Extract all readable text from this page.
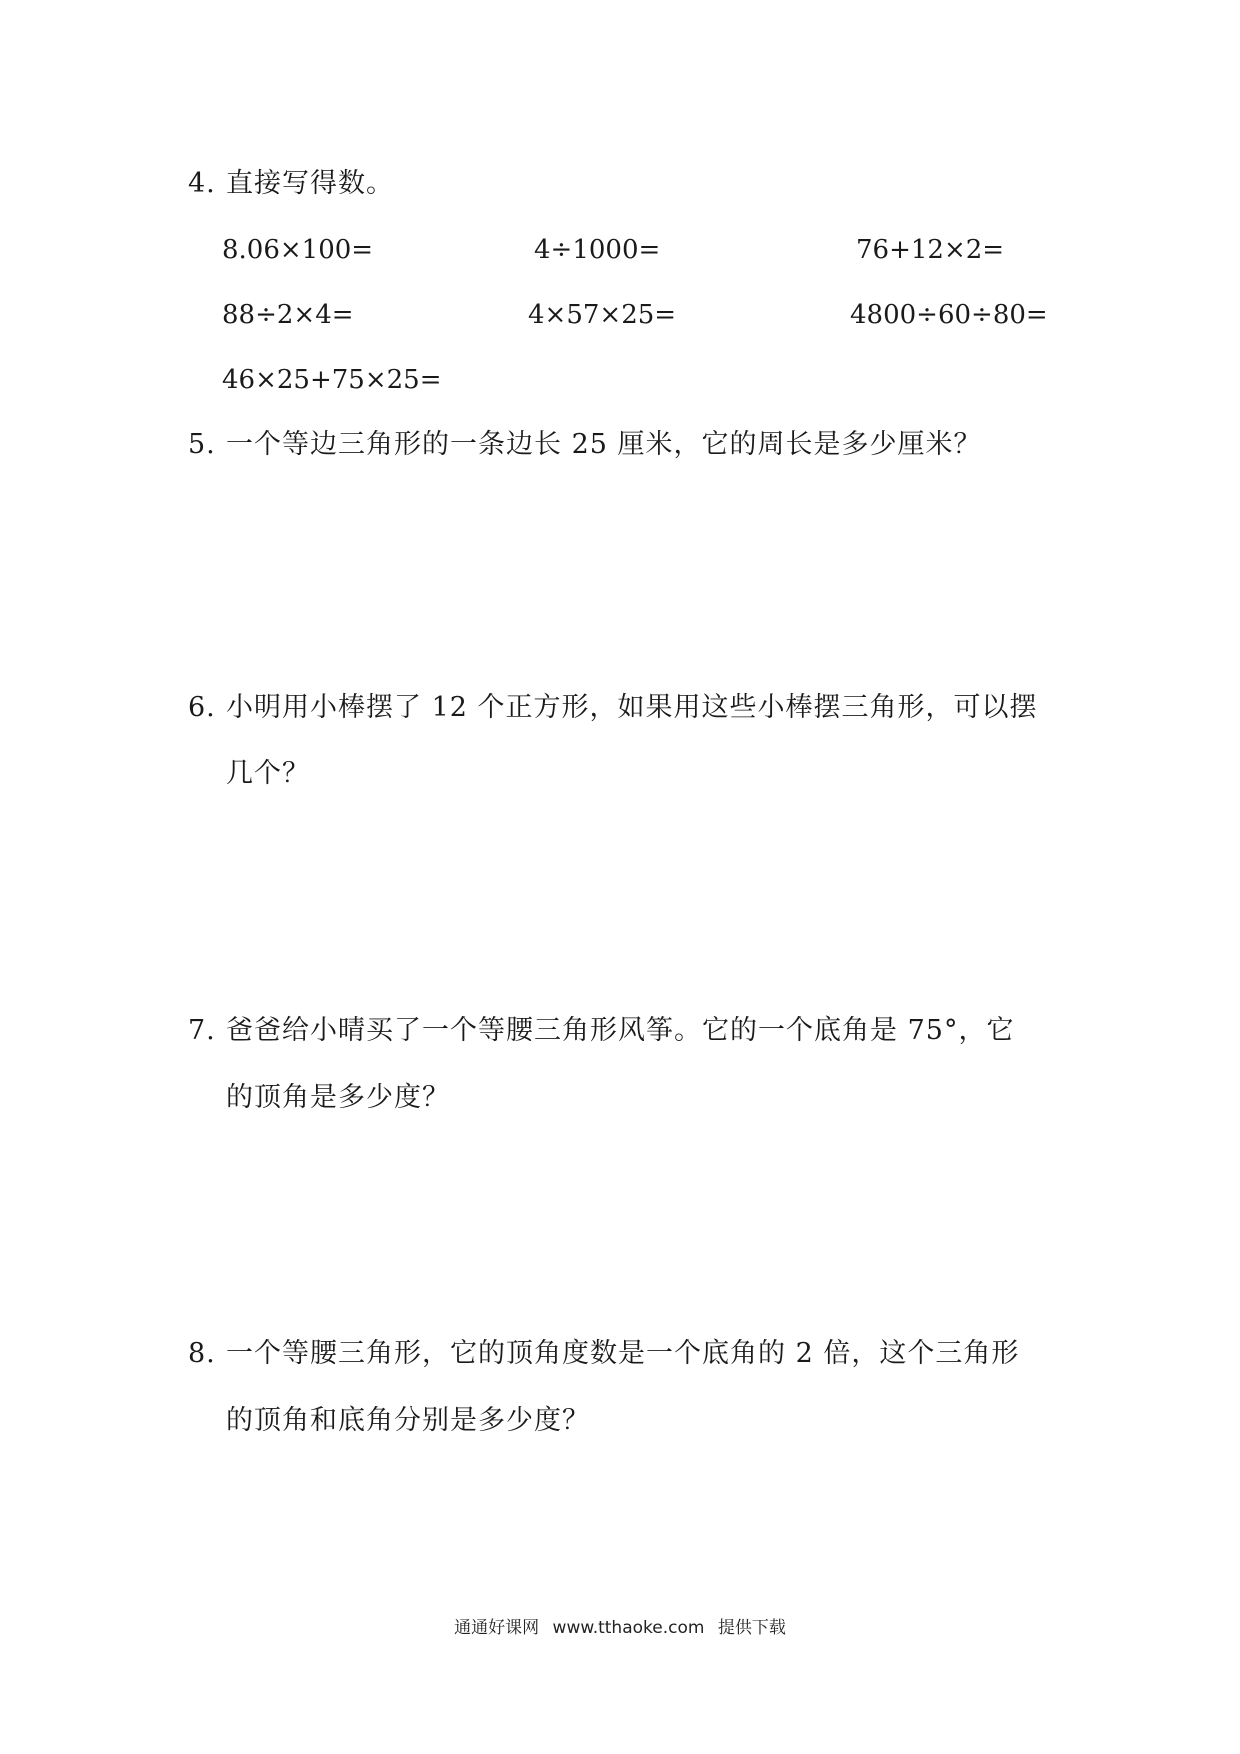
4. 直接写得数。
8.06×100=	4÷1000=	76+12×2=
88÷2×4=	4×57×25=	4800÷60÷80=
46×25+75×25=
5. 一个等边三角形的一条边长 25 厘米，它的周长是多少厘米？
6. 小明用小棒摆了 12 个正方形，如果用这些小棒摆三角形，可以摆
几个？
7. 爸爸给小晴买了一个等腰三角形风筝。它的一个底角是 75°，它
的顶角是多少度？
8. 一个等腰三角形，它的顶角度数是一个底角的 2 倍，这个三角形
的顶角和底角分别是多少度？
通通好课网 www.tthaoke.com 提供下载
